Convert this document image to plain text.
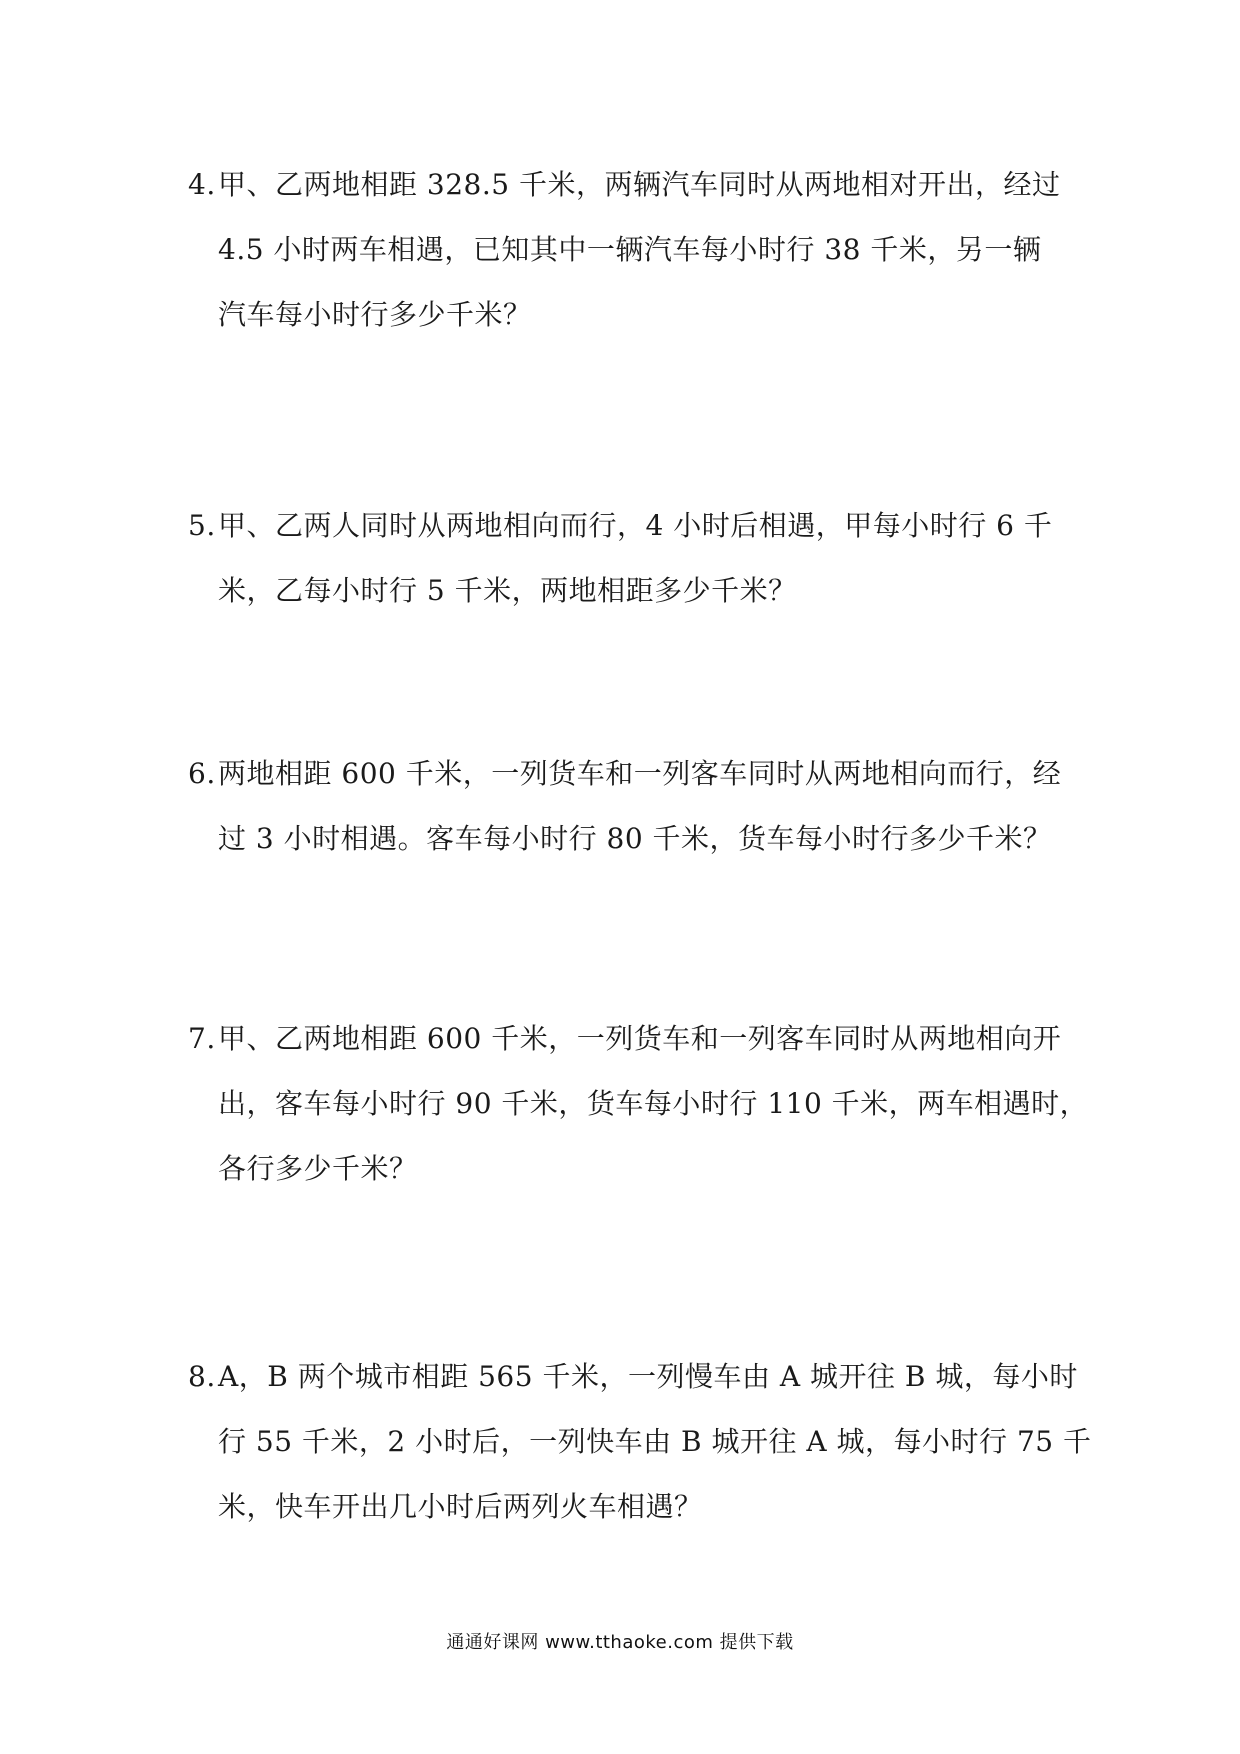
4. 甲、乙两地相距 328.5 千米，两辆汽车同时从两地相对开出，经过
4.5 小时两车相遇，已知其中一辆汽车每小时行 38 千米，另一辆
汽车每小时行多少千米？
5. 甲、乙两人同时从两地相向而行，4 小时后相遇，甲每小时行 6 千
米，乙每小时行 5 千米，两地相距多少千米？
6. 两地相距 600 千米，一列货车和一列客车同时从两地相向而行，经
过 3 小时相遇。客车每小时行 80 千米，货车每小时行多少千米？
7. 甲、乙两地相距 600 千米，一列货车和一列客车同时从两地相向开
出，客车每小时行 90 千米，货车每小时行 110 千米，两车相遇时，
各行多少千米？
8. A，B 两个城市相距 565 千米，一列慢车由 A 城开往 B 城，每小时
行 55 千米，2 小时后，一列快车由 B 城开往 A 城，每小时行 75 千
米，快车开出几小时后两列火车相遇？
通通好课网 www.tthaoke.com 提供下载
